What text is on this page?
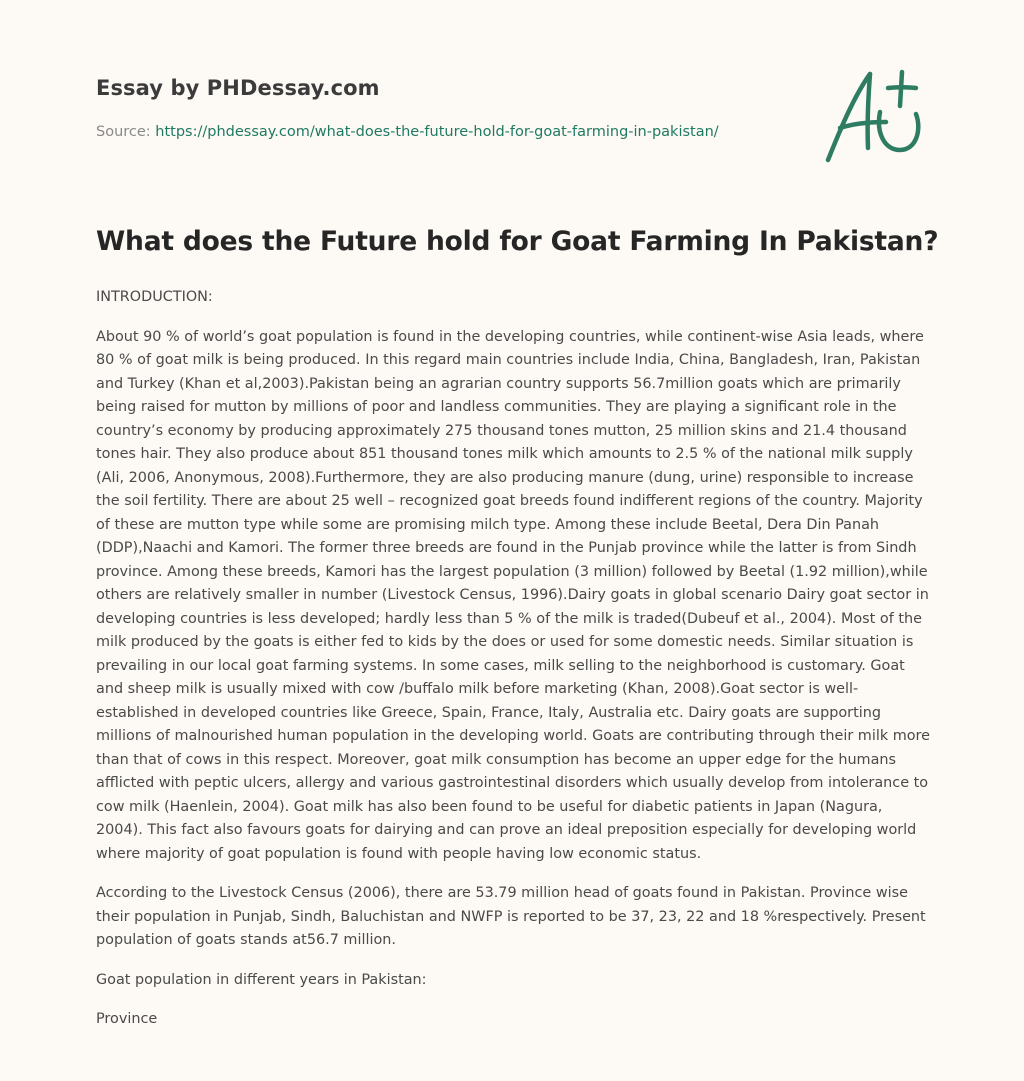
Essay by PHDessay.com
Source: https://phdessay.com/what-does-the-future-hold-for-goat-farming-in-pakistan/
What does the Future hold for Goat Farming In Pakistan?

INTRODUCTION:

About 90 % of world’s goat population is found in the developing countries, while continent-wise Asia leads, where 80 % of goat milk is being produced. In this regard main countries include India, China, Bangladesh, Iran, Pakistan and Turkey (Khan et al,2003).Pakistan being an agrarian country supports 56.7million goats which are primarily being raised for mutton by millions of poor and landless communities. They are playing a significant role in the country’s economy by producing approximately 275 thousand tones mutton, 25 million skins and 21.4 thousand tones hair. They also produce about 851 thousand tones milk which amounts to 2.5 % of the national milk supply (Ali, 2006, Anonymous, 2008).Furthermore, they are also producing manure (dung, urine) responsible to increase the soil fertility. There are about 25 well – recognized goat breeds found indifferent regions of the country. Majority of these are mutton type while some are promising milch type. Among these include Beetal, Dera Din Panah (DDP),Naachi and Kamori. The former three breeds are found in the Punjab province while the latter is from Sindh province. Among these breeds, Kamori has the largest population (3 million) followed by Beetal (1.92 million),while others are relatively smaller in number (Livestock Census, 1996).Dairy goats in global scenario Dairy goat sector in developing countries is less developed; hardly less than 5 % of the milk is traded(Dubeuf et al., 2004). Most of the milk produced by the goats is either fed to kids by the does or used for some domestic needs. Similar situation is prevailing in our local goat farming systems. In some cases, milk selling to the neighborhood is customary. Goat and sheep milk is usually mixed with cow /buffalo milk before marketing (Khan, 2008).Goat sector is well-established in developed countries like Greece, Spain, France, Italy, Australia etc. Dairy goats are supporting millions of malnourished human population in the developing world. Goats are contributing through their milk more than that of cows in this respect. Moreover, goat milk consumption has become an upper edge for the humans afflicted with peptic ulcers, allergy and various gastrointestinal disorders which usually develop from intolerance to cow milk (Haenlein, 2004). Goat milk has also been found to be useful for diabetic patients in Japan (Nagura, 2004). This fact also favours goats for dairying and can prove an ideal preposition especially for developing world where majority of goat population is found with people having low economic status.

According to the Livestock Census (2006), there are 53.79 million head of goats found in Pakistan. Province wise their population in Punjab, Sindh, Baluchistan and NWFP is reported to be 37, 23, 22 and 18 %respectively. Present population of goats stands at56.7 million.

Goat population in different years in Pakistan:

Province
